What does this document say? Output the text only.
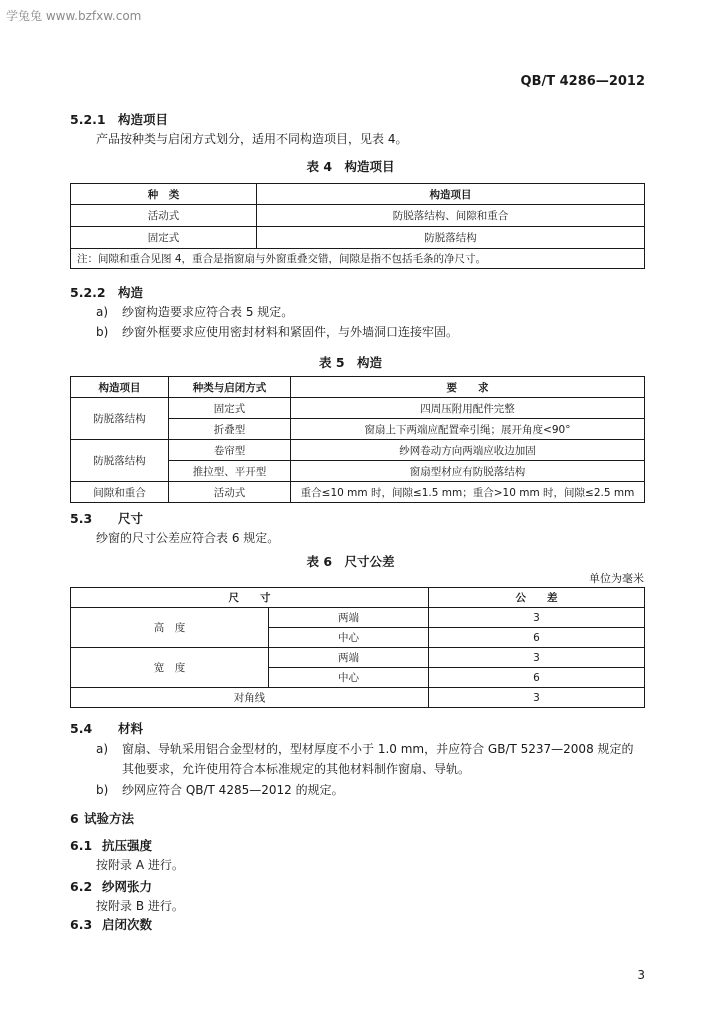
学兔兔 www.bzfxw.com
QB/T 4286—2012
5.2.1 构造项目
产品按种类与启闭方式划分，适用不同构造项目，见表 4。
表 4　构造项目
种　类	构造项目
活动式	防脱落结构、间隙和重合
固定式	防脱落结构
注：间隙和重合见图 4，重合是指窗扇与外窗重叠交错，间隙是指不包括毛条的净尺寸。	
5.2.2 构造
a) 纱窗构造要求应符合表 5 规定。
b) 纱窗外框要求应使用密封材料和紧固件，与外墙洞口连接牢固。
表 5　构造
构造项目	种类与启闭方式	要　　求
防脱落结构	固定式	四周压附用配件完整
	折叠型	窗扇上下两端应配置牵引绳；展开角度<90°
防脱落结构	卷帘型	纱网卷动方向两端应收边加固
	推拉型、平开型	窗扇型材应有防脱落结构
间隙和重合	活动式	重合≤10 mm 时，间隙≤1.5 mm；重合>10 mm 时，间隙≤2.5 mm
5.3 尺寸
纱窗的尺寸公差应符合表 6 规定。
表 6　尺寸公差
单位为毫米
尺　　寸		公　　差
高　度	两端	3
	中心	6
宽　度	两端	3
	中心	6
对角线		3
5.4 材料
a) 窗扇、导轨采用铝合金型材的，型材厚度不小于 1.0 mm，并应符合 GB/T 5237—2008 规定的
其他要求，允许使用符合本标准规定的其他材料制作窗扇、导轨。
b) 纱网应符合 QB/T 4285—2012 的规定。
6 试验方法
6.1 抗压强度
按附录 A 进行。
6.2 纱网张力
按附录 B 进行。
6.3 启闭次数
3
